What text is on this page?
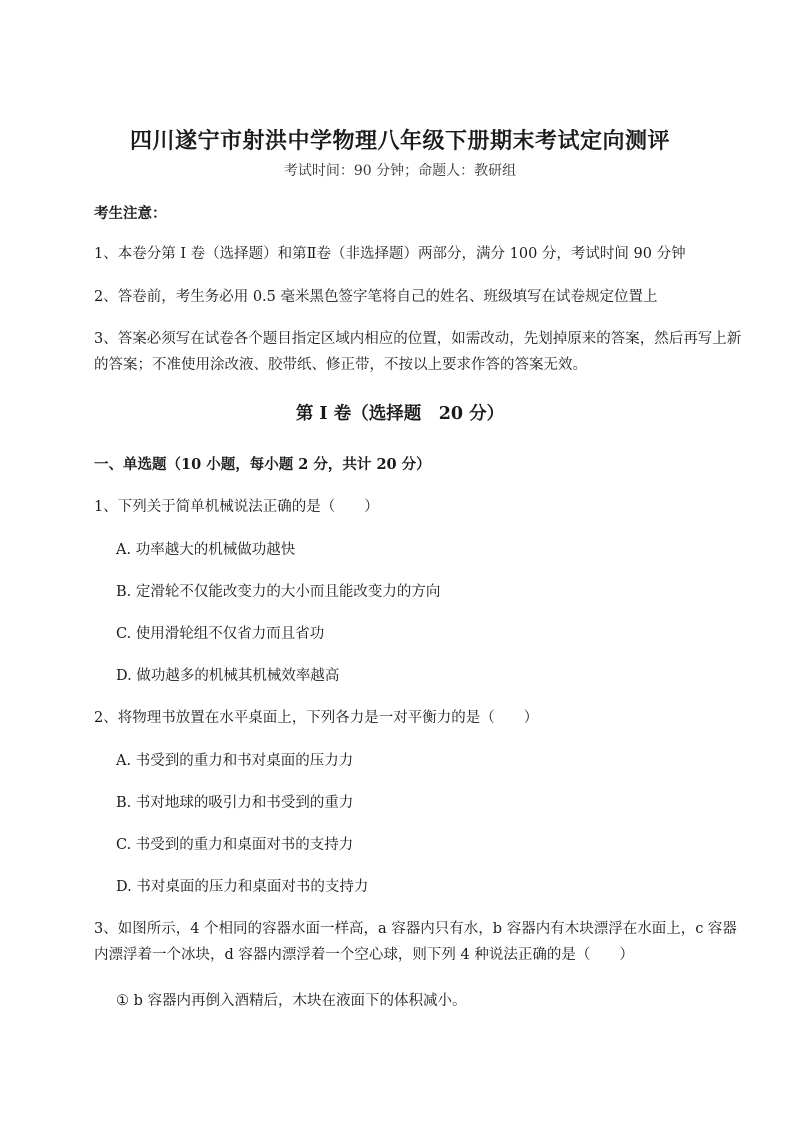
四川遂宁市射洪中学物理八年级下册期末考试定向测评
考试时间：90 分钟；命题人：教研组
考生注意：
1、本卷分第 I 卷（选择题）和第Ⅱ卷（非选择题）两部分，满分 100 分，考试时间 90 分钟
2、答卷前，考生务必用 0.5 毫米黑色签字笔将自己的姓名、班级填写在试卷规定位置上
3、答案必须写在试卷各个题目指定区域内相应的位置，如需改动，先划掉原来的答案，然后再写上新的答案；不准使用涂改液、胶带纸、修正带，不按以上要求作答的答案无效。
第 I 卷（选择题　20 分）
一、单选题（10 小题，每小题 2 分，共计 20 分）
1、下列关于简单机械说法正确的是（　　）
A. 功率越大的机械做功越快
B. 定滑轮不仅能改变力的大小而且能改变力的方向
C. 使用滑轮组不仅省力而且省功
D. 做功越多的机械其机械效率越高
2、将物理书放置在水平桌面上，下列各力是一对平衡力的是（　　）
A. 书受到的重力和书对桌面的压力力
B. 书对地球的吸引力和书受到的重力
C. 书受到的重力和桌面对书的支持力
D. 书对桌面的压力和桌面对书的支持力
3、如图所示，4 个相同的容器水面一样高，a 容器内只有水，b 容器内有木块漂浮在水面上，c 容器内漂浮着一个冰块，d 容器内漂浮着一个空心球，则下列 4 种说法正确的是（　　）
① b 容器内再倒入酒精后，木块在液面下的体积减小。
